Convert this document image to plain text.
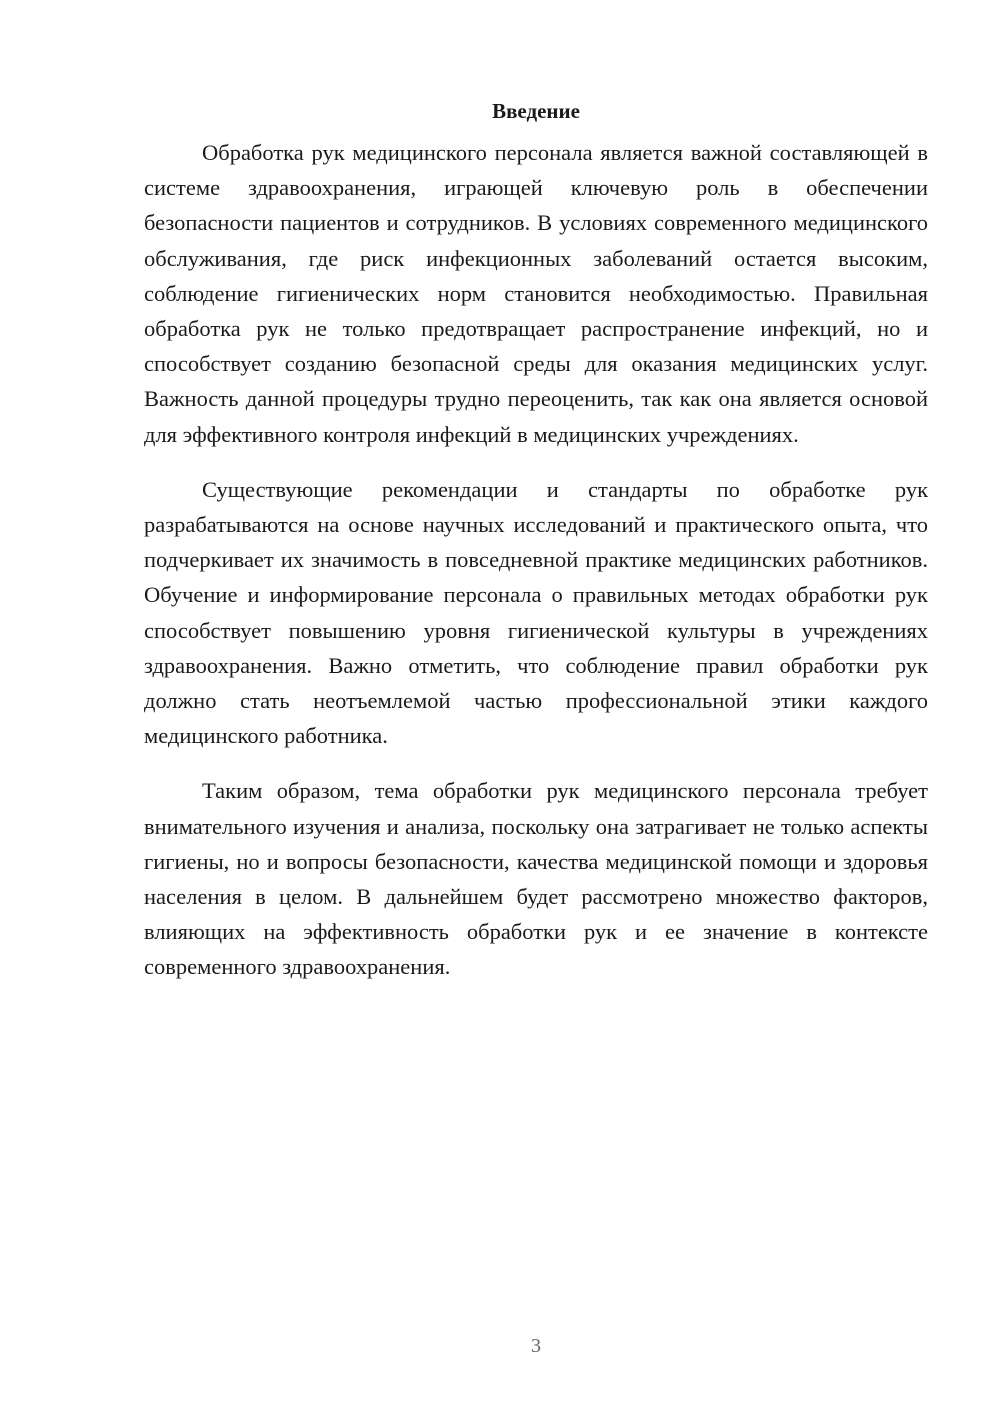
Введение

Обработка рук медицинского персонала является важной составляющей в системе здравоохранения, играющей ключевую роль в обеспечении безопасности пациентов и сотрудников. В условиях современного медицинского обслуживания, где риск инфекционных заболеваний остается высоким, соблюдение гигиенических норм становится необходимостью. Правильная обработка рук не только предотвращает распространение инфекций, но и способствует созданию безопасной среды для оказания медицинских услуг. Важность данной процедуры трудно переоценить, так как она является основой для эффективного контроля инфекций в медицинских учреждениях.

Существующие рекомендации и стандарты по обработке рук разрабатываются на основе научных исследований и практического опыта, что подчеркивает их значимость в повседневной практике медицинских работников. Обучение и информирование персонала о правильных методах обработки рук способствует повышению уровня гигиенической культуры в учреждениях здравоохранения. Важно отметить, что соблюдение правил обработки рук должно стать неотъемлемой частью профессиональной этики каждого медицинского работника.

Таким образом, тема обработки рук медицинского персонала требует внимательного изучения и анализа, поскольку она затрагивает не только аспекты гигиены, но и вопросы безопасности, качества медицинской помощи и здоровья населения в целом. В дальнейшем будет рассмотрено множество факторов, влияющих на эффективность обработки рук и ее значение в контексте современного здравоохранения.

3
